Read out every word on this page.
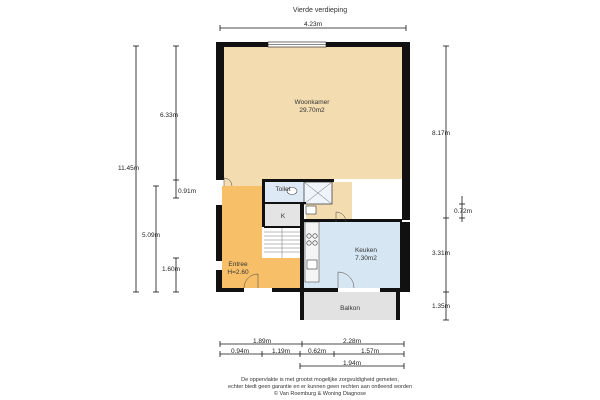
Vierde verdieping
Woonkamer
29.70m2
Keuken
7.30m2
Entree
H=2.60
Toilet
K
Balkon
4.23m
11.45m
6.33m
0.91m
5.09m
1.60m
8.17m
0.72m
3.31m
1.35m
1.89m	2.28m
0.94m	1.19m	0.62m	1.57m
1.94m
De oppervlakte is met grootst mogelijke zorgvuldigheid gemeten,
echter biedt geen garantie en er kunnen geen rechten aan ontleend worden
© Van Roemburg & Woning Diagnose
